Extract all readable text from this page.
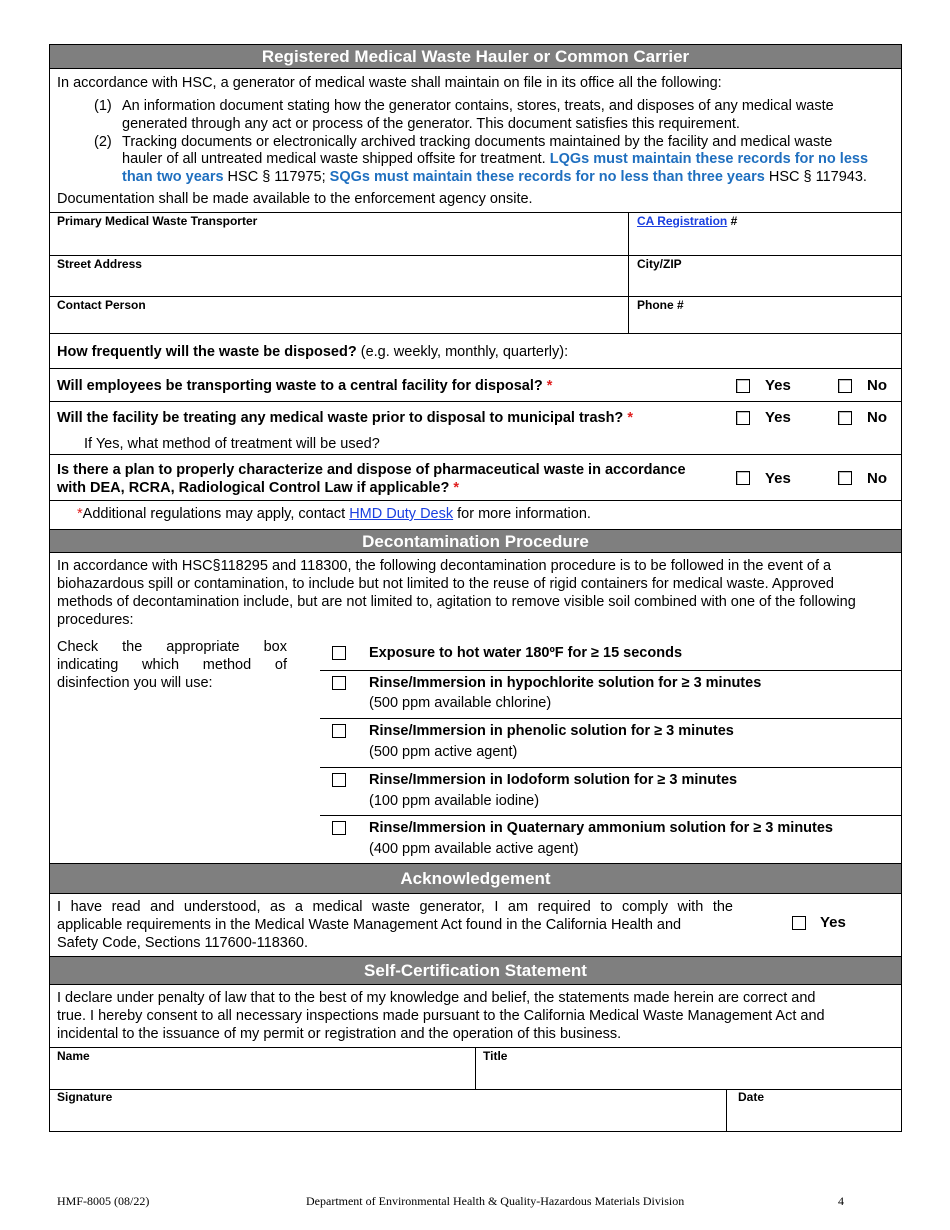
Registered Medical Waste Hauler or Common Carrier
In accordance with HSC, a generator of medical waste shall maintain on file in its office all the following:
(1) An information document stating how the generator contains, stores, treats, and disposes of any medical waste
generated through any act or process of the generator. This document satisfies this requirement.
(2) Tracking documents or electronically archived tracking documents maintained by the facility and medical waste
hauler of all untreated medical waste shipped offsite for treatment. LQGs must maintain these records for no less
than two years HSC § 117975; SQGs must maintain these records for no less than three years HSC § 117943.
Documentation shall be made available to the enforcement agency onsite.
Primary Medical Waste Transporter	CA Registration #
Street Address	City/ZIP
Contact Person	Phone #
How frequently will the waste be disposed? (e.g. weekly, monthly, quarterly):
Will employees be transporting waste to a central facility for disposal? *	Yes	No
Will the facility be treating any medical waste prior to disposal to municipal trash? *	Yes	No
If Yes, what method of treatment will be used?
Is there a plan to properly characterize and dispose of pharmaceutical waste in accordance
with DEA, RCRA, Radiological Control Law if applicable? *
Yes	No
*Additional regulations may apply, contact HMD Duty Desk for more information.
Decontamination Procedure
In accordance with HSC§118295 and 118300, the following decontamination procedure is to be followed in the event of a
biohazardous spill or contamination, to include but not limited to the reuse of rigid containers for medical waste. Approved
methods of decontamination include, but are not limited to, agitation to remove visible soil combined with one of the following
procedures:
Check the appropriate box
indicating which method of
disinfection you will use:
Exposure to hot water 180ºF for ≥ 15 seconds
Rinse/Immersion in hypochlorite solution for ≥ 3 minutes
(500 ppm available chlorine)
Rinse/Immersion in phenolic solution for ≥ 3 minutes
(500 ppm active agent)
Rinse/Immersion in Iodoform solution for ≥ 3 minutes
(100 ppm available iodine)
Rinse/Immersion in Quaternary ammonium solution for ≥ 3 minutes
(400 ppm available active agent)
Acknowledgement
I have read and understood, as a medical waste generator, I am required to comply with the
applicable requirements in the Medical Waste Management Act found in the California Health and
Safety Code, Sections 117600-118360.
Yes
Self-Certification Statement
I declare under penalty of law that to the best of my knowledge and belief, the statements made herein are correct and
true. I hereby consent to all necessary inspections made pursuant to the California Medical Waste Management Act and
incidental to the issuance of my permit or registration and the operation of this business.
Name	Title
Signature	Date
HMF-8005 (08/22)	Department of Environmental Health & Quality-Hazardous Materials Division	4
